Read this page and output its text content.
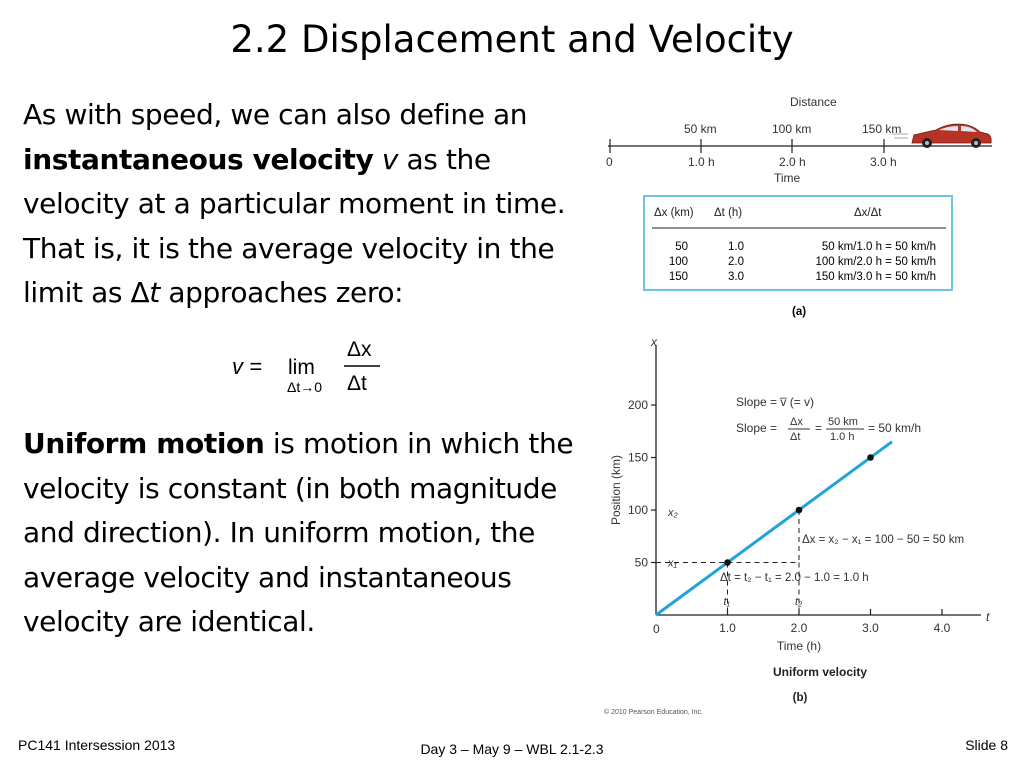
2.2 Displacement and Velocity
As with speed, we can also define an instantaneous velocity v as the velocity at a particular moment in time. That is, it is the average velocity in the limit as Δt approaches zero:
v = lim
Δt→0
Δx
Δt
Uniform motion is motion in which the velocity is constant (in both magnitude and direction). In uniform motion, the average velocity and instantaneous velocity are identical.
Distance
50 km	100 km	150 km
0	1.0 h	2.0 h	3.0 h
Time
Δx (km) Δt (h)	Δx/Δt
50	1.0	50 km/1.0 h = 50 km/h
100	2.0	100 km/2.0 h = 50 km/h
150	3.0	150 km/3.0 h = 50 km/h
(a)
x
t
0
Position (km)
Time (h)
50
100
150
200
1.0	2.0	3.0	4.0
x₁
x₂
t₁	t₂
Slope = v̅ (= v)
Slope = Δx
Δt
= 50 km
1.0 h
= 50 km/h
Δx = x₂ − x₁ = 100 − 50 = 50 km
Δt = t₂ − t₁ = 2.0 − 1.0 = 1.0 h
Uniform velocity
(b)
© 2010 Pearson Education, Inc.
PC141 Intersession 2013	Day 3 – May 9 – WBL 2.1-2.3	Slide 8
